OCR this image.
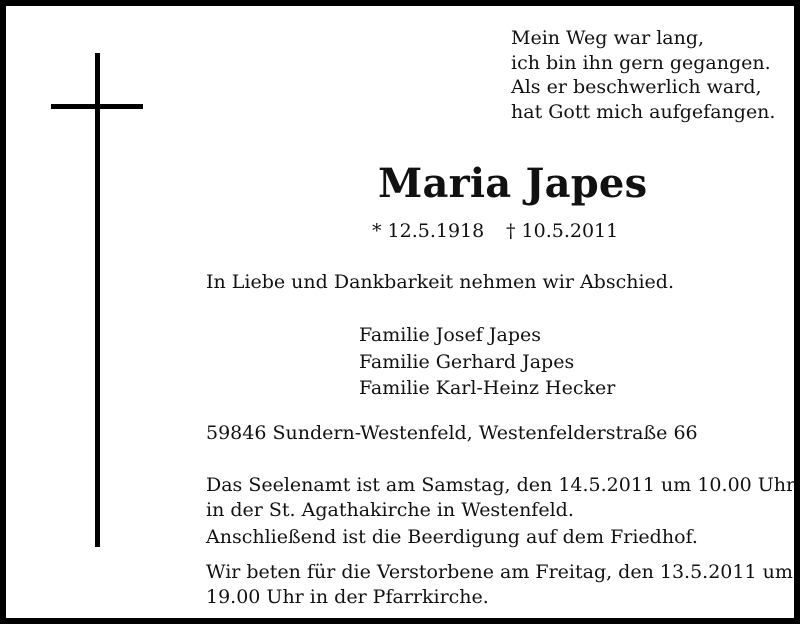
Mein Weg war lang,
ich bin ihn gern gegangen.
Als er beschwerlich ward,
hat Gott mich aufgefangen.
Maria Japes
* 12.5.1918 † 10.5.2011
In Liebe und Dankbarkeit nehmen wir Abschied.
Familie Josef Japes
Familie Gerhard Japes
Familie Karl-Heinz Hecker
59846 Sundern-Westenfeld, Westenfelderstraße 66
Das Seelenamt ist am Samstag, den 14.5.2011 um 10.00 Uhr
in der St. Agathakirche in Westenfeld.
Anschließend ist die Beerdigung auf dem Friedhof.
Wir beten für die Verstorbene am Freitag, den 13.5.2011 um
19.00 Uhr in der Pfarrkirche.
